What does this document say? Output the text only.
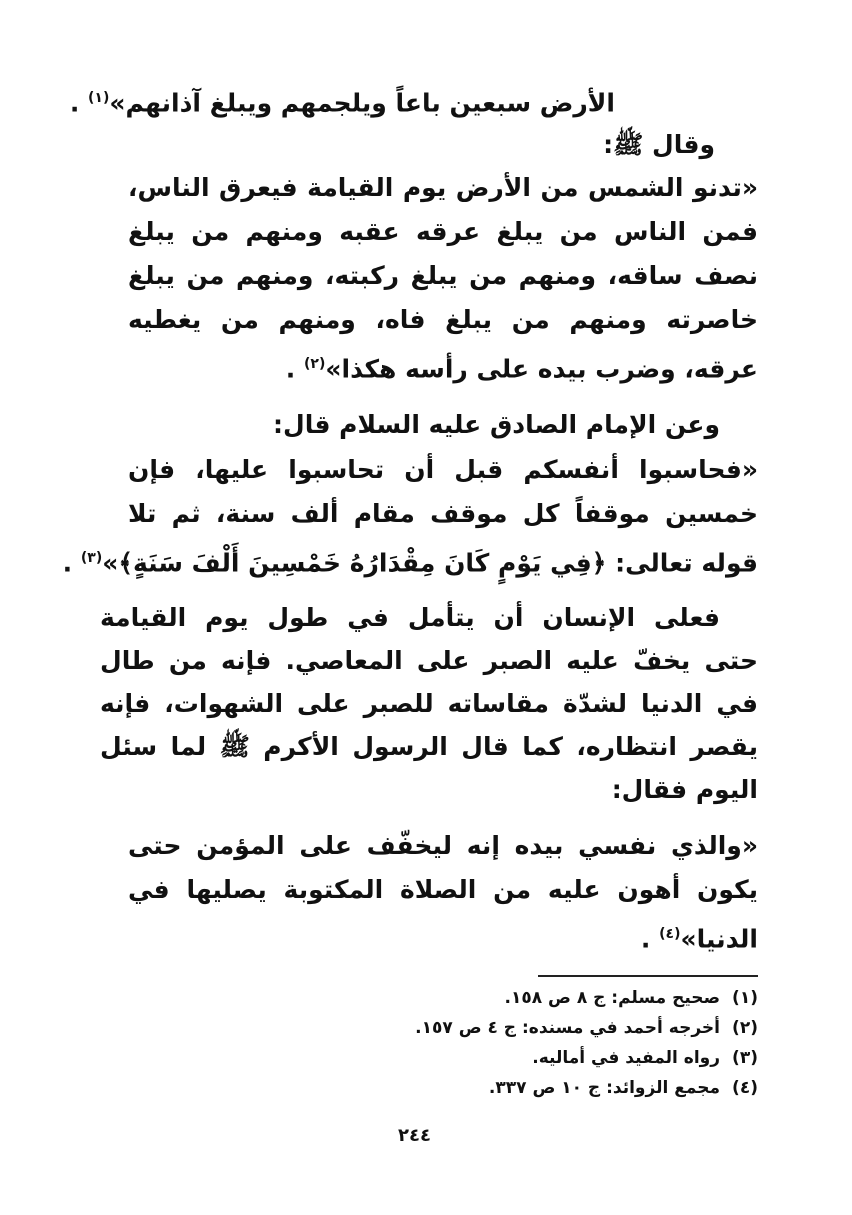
الأرض سبعين باعاً ويلجمهم ويبلغ آذانهم»$^{(١)}$ .
وقال ﷺ:
«تدنو الشمس من الأرض يوم القيامة فيعرق الناس،
فمن الناس من يبلغ عرقه عقبه ومنهم من يبلغ
نصف ساقه، ومنهم من يبلغ ركبته، ومنهم من يبلغ
خاصرته ومنهم من يبلغ فاه، ومنهم من يغطيه
عرقه، وضرب بيده على رأسه هكذا»$^{(٢)}$ .
وعن الإمام الصادق عليه السلام قال:
«فحاسبوا أنفسكم قبل أن تحاسبوا عليها، فإن
خمسين موقفاً كل موقف مقام ألف سنة، ثم تلا
قوله تعالى: ﴿فِي يَوْمٍ كَانَ مِقْدَارُهُ خَمْسِينَ أَلْفَ سَنَةٍ﴾»$^{(٣)}$ .
فعلى الإنسان أن يتأمل في طول يوم القيامة
حتى يخفّ عليه الصبر على المعاصي. فإنه من طال
في الدنيا لشدّة مقاساته للصبر على الشهوات، فإنه
يقصر انتظاره، كما قال الرسول الأكرم ﷺ لما سئل
اليوم فقال:
«والذي نفسي بيده إنه ليخفّف على المؤمن حتى
يكون أهون عليه من الصلاة المكتوبة يصليها في
الدنيا»$^{(٤)}$ .
(١)صحيح مسلم: ج ٨ ص ١٥٨.
(٢)أخرجه أحمد في مسنده: ج ٤ ص ١٥٧.
(٣)رواه المفيد في أماليه.
(٤)مجمع الزوائد: ج ١٠ ص ٣٣٧.
٢٤٤
